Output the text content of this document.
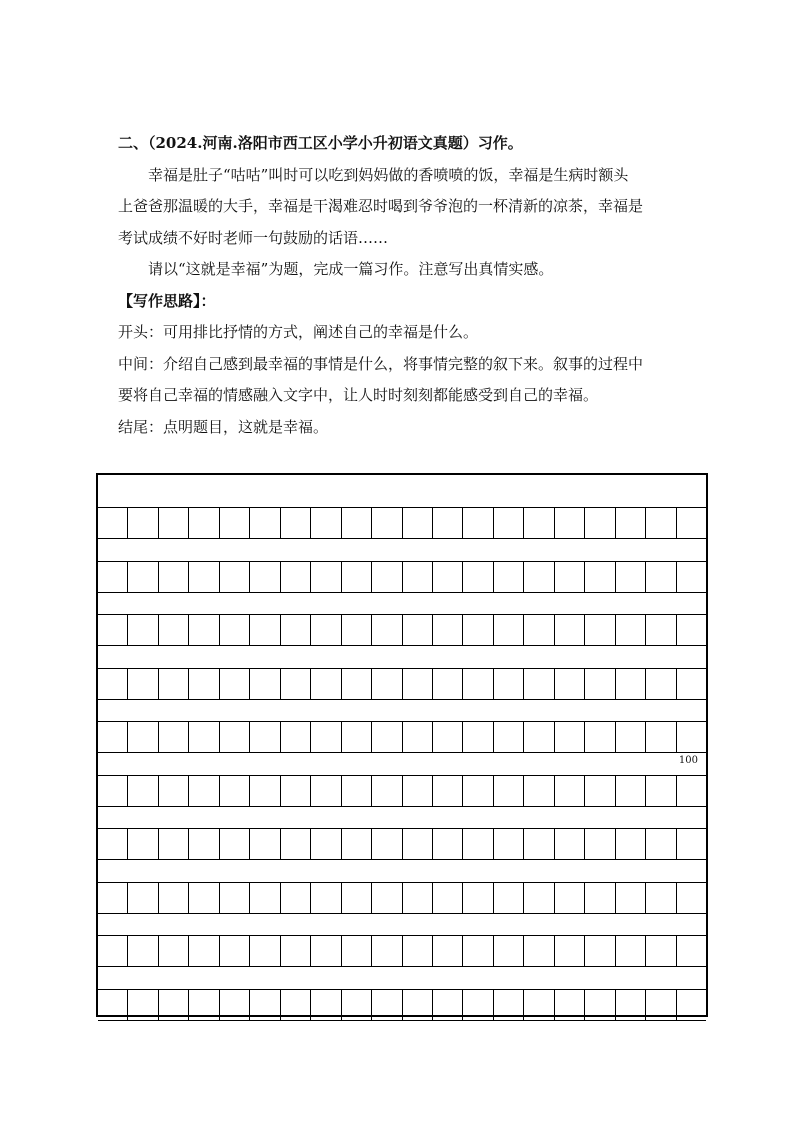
二、（2024.河南.洛阳市西工区小学小升初语文真题）习作。
幸福是肚子“咕咕”叫时可以吃到妈妈做的香喷喷的饭，幸福是生病时额头
上爸爸那温暖的大手，幸福是干渴难忍时喝到爷爷泡的一杯清新的凉茶，幸福是
考试成绩不好时老师一句鼓励的话语……
请以“这就是幸福”为题，完成一篇习作。注意写出真情实感。
【写作思路】：
开头：可用排比抒情的方式，阐述自己的幸福是什么。
中间：介绍自己感到最幸福的事情是什么，将事情完整的叙下来。叙事的过程中
要将自己幸福的情感融入文字中，让人时时刻刻都能感受到自己的幸福。
结尾：点明题目，这就是幸福。
100
